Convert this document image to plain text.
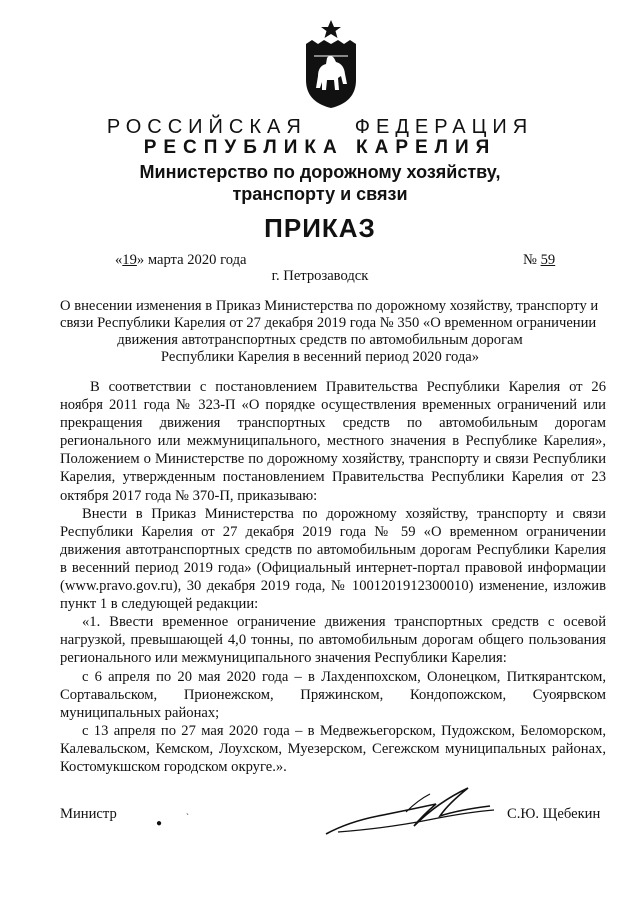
РОССИЙСКАЯ ФЕДЕРАЦИЯ
РЕСПУБЛИКА КАРЕЛИЯ
Министерство по дорожному хозяйству,
транспорту и связи
ПРИКАЗ
«19» марта 2020 года	№ 59
г. Петрозаводск
О внесении изменения в Приказ Министерства по дорожному хозяйству, транспорту и
связи Республики Карелия от 27 декабря 2019 года № 350 «О временном ограничении
движения автотранспортных средств по автомобильным дорогам
Республики Карелия в весенний период 2020 года»

В соответствии с постановлением Правительства Республики Карелия от 26 ноября 2011 года № 323-П «О порядке осуществления временных ограничений или прекращения движения транспортных средств по автомобильным дорогам регионального или межмуниципального, местного значения в Республике Карелия», Положением о Министерстве по дорожному хозяйству, транспорту и связи Республики Карелия, утвержденным постановлением Правительства Республики Карелия от 23 октября 2017 года № 370-П, приказываю:

Внести в Приказ Министерства по дорожному хозяйству, транспорту и связи Республики Карелия от 27 декабря 2019 года № 59 «О временном ограничении движения автотранспортных средств по автомобильным дорогам Республики Карелия в весенний период 2019 года» (Официальный интернет-портал правовой информации (www.pravo.gov.ru), 30 декабря 2019 года, № 1001201912300010) изменение, изложив пункт 1 в следующей редакции:

«1. Ввести временное ограничение движения транспортных средств с осевой нагрузкой, превышающей 4,0 тонны, по автомобильным дорогам общего пользования регионального или межмуниципального значения Республики Карелия:

с 6 апреля по 20 мая 2020 года – в Лахденпохском, Олонецком, Питкярантском, Сортавальском, Прионежском, Пряжинском, Кондопожском, Суоярвском муниципальных районах;

с 13 апреля по 27 мая 2020 года – в Медвежьегорском, Пудожском, Беломорском, Калевальском, Кемском, Лоухском, Муезерском, Сегежском муниципальных районах, Костомукшском городском округе.».

Министр	С.Ю. Щебекин
●
ˋ
